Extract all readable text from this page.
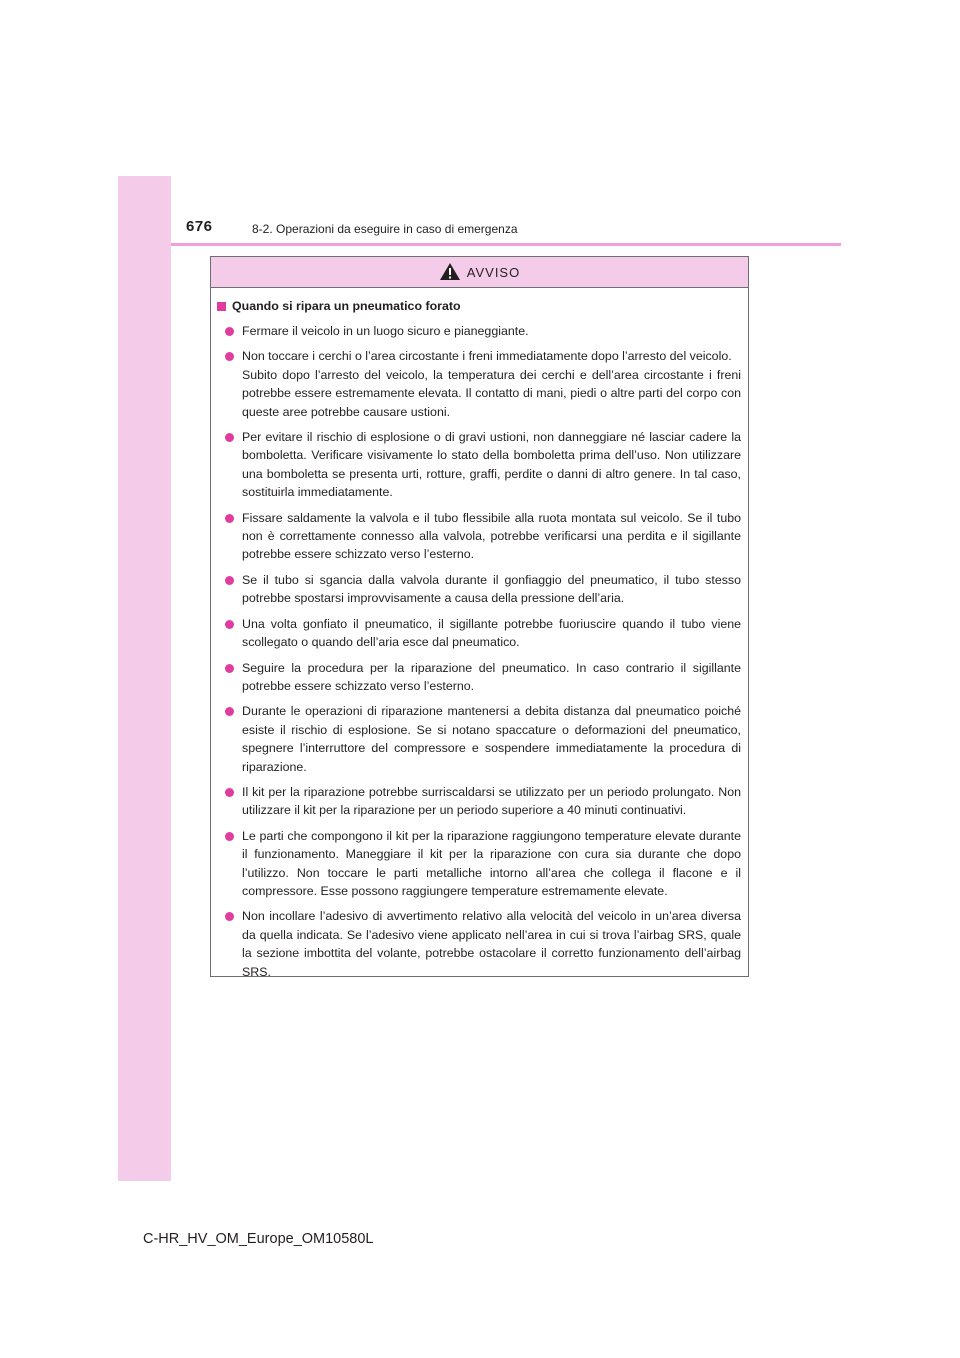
676	8-2. Operazioni da eseguire in caso di emergenza
AVVISO
Quando si ripara un pneumatico forato
Fermare il veicolo in un luogo sicuro e pianeggiante.
Non toccare i cerchi o l’area circostante i freni immediatamente dopo l’arresto del veicolo.
Subito dopo l’arresto del veicolo, la temperatura dei cerchi e dell’area circostante i freni potrebbe essere estremamente elevata. Il contatto di mani, piedi o altre parti del corpo con queste aree potrebbe causare ustioni.
Per evitare il rischio di esplosione o di gravi ustioni, non danneggiare né lasciar cadere la bomboletta. Verificare visivamente lo stato della bomboletta prima dell’uso. Non utilizzare una bomboletta se presenta urti, rotture, graffi, perdite o danni di altro genere. In tal caso, sostituirla immediatamente.
Fissare saldamente la valvola e il tubo flessibile alla ruota montata sul veicolo. Se il tubo non è correttamente connesso alla valvola, potrebbe verificarsi una perdita e il sigillante potrebbe essere schizzato verso l’esterno.
Se il tubo si sgancia dalla valvola durante il gonfiaggio del pneumatico, il tubo stesso potrebbe spostarsi improvvisamente a causa della pressione dell’aria.
Una volta gonfiato il pneumatico, il sigillante potrebbe fuoriuscire quando il tubo viene scollegato o quando dell’aria esce dal pneumatico.
Seguire la procedura per la riparazione del pneumatico. In caso contrario il sigillante potrebbe essere schizzato verso l’esterno.
Durante le operazioni di riparazione mantenersi a debita distanza dal pneumatico poiché esiste il rischio di esplosione. Se si notano spaccature o deformazioni del pneumatico, spegnere l’interruttore del compressore e sospendere immediatamente la procedura di riparazione.
Il kit per la riparazione potrebbe surriscaldarsi se utilizzato per un periodo prolungato. Non utilizzare il kit per la riparazione per un periodo superiore a 40 minuti continuativi.
Le parti che compongono il kit per la riparazione raggiungono temperature elevate durante il funzionamento. Maneggiare il kit per la riparazione con cura sia durante che dopo l’utilizzo. Non toccare le parti metalliche intorno all’area che collega il flacone e il compressore. Esse possono raggiungere temperature estremamente elevate.
Non incollare l’adesivo di avvertimento relativo alla velocità del veicolo in un’area diversa da quella indicata. Se l’adesivo viene applicato nell’area in cui si trova l’airbag SRS, quale la sezione imbottita del volante, potrebbe ostacolare il corretto funzionamento dell’airbag SRS.
C-HR_HV_OM_Europe_OM10580L
